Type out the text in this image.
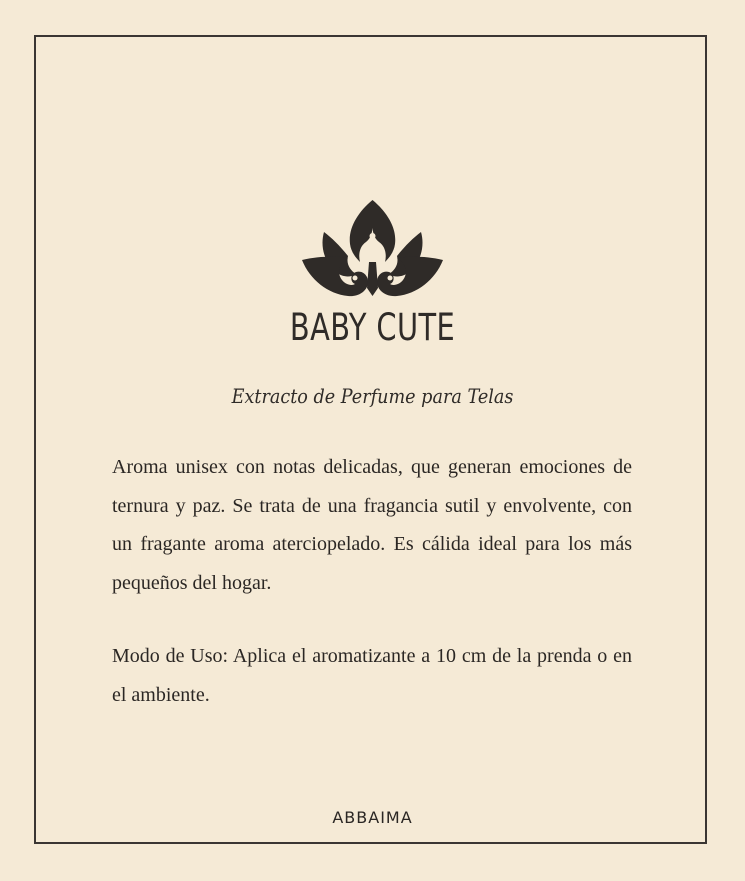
BABY CUTE
Extracto de Perfume para Telas

Aroma unisex con notas delicadas, que generan emociones de ternura y paz. Se trata de una fragancia sutil y envolvente, con un fragante aroma aterciopelado. Es cálida ideal para los más pequeños del hogar.

Modo de Uso: Aplica el aromatizante a 10 cm de la prenda o en el ambiente.

ABBAIMA
